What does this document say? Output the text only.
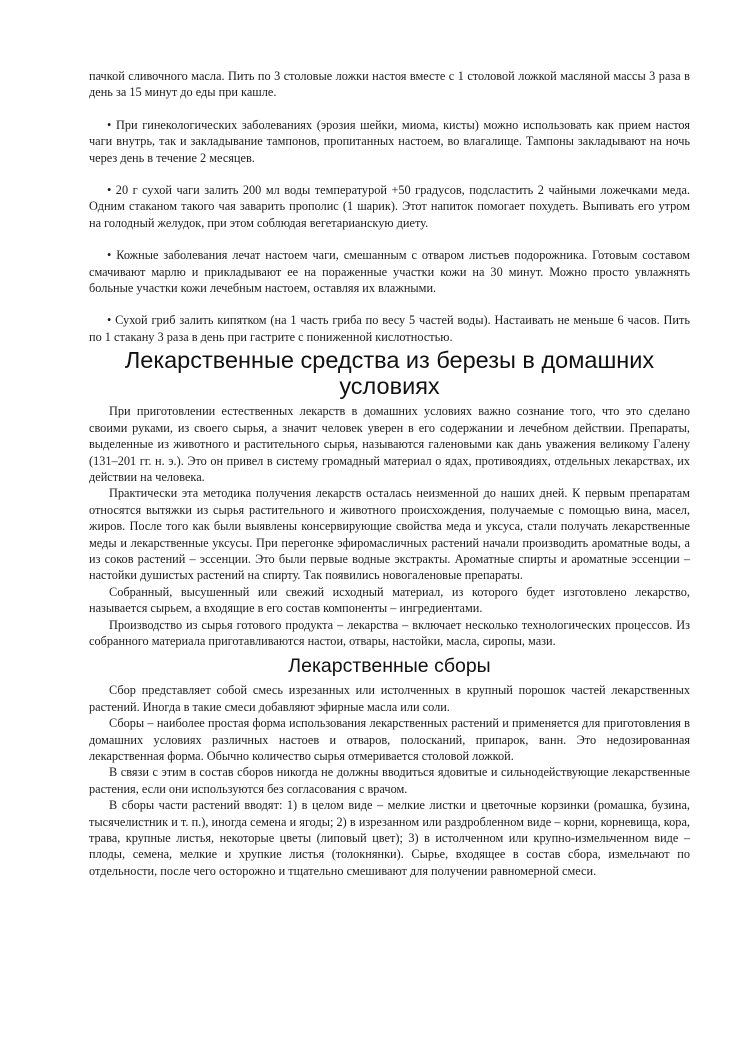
пачкой сливочного масла. Пить по 3 столовые ложки настоя вместе с 1 столовой ложкой масляной массы 3 раза в день за 15 минут до еды при кашле.

• При гинекологических заболеваниях (эрозия шейки, миома, кисты) можно использовать как прием настоя чаги внутрь, так и закладывание тампонов, пропитанных настоем, во влагалище. Тампоны закладывают на ночь через день в течение 2 месяцев.

• 20 г сухой чаги залить 200 мл воды температурой +50 градусов, подсластить 2 чайными ложечками меда. Одним стаканом такого чая заварить прополис (1 шарик). Этот напиток помогает похудеть. Выпивать его утром на голодный желудок, при этом соблюдая вегетарианскую диету.

• Кожные заболевания лечат настоем чаги, смешанным с отваром листьев подорожника. Готовым составом смачивают марлю и прикладывают ее на пораженные участки кожи на 30 минут. Можно просто увлажнять больные участки кожи лечебным настоем, оставляя их влажными.

• Сухой гриб залить кипятком (на 1 часть гриба по весу 5 частей воды). Настаивать не меньше 6 часов. Пить по 1 стакану 3 раза в день при гастрите с пониженной кислотностью.

Лекарственные средства из березы в домашних условиях

При приготовлении естественных лекарств в домашних условиях важно сознание того, что это сделано своими руками, из своего сырья, а значит человек уверен в его содержании и лечебном действии. Препараты, выделенные из животного и растительного сырья, называются галеновыми как дань уважения великому Галену (131–201 гг. н. э.). Это он привел в систему громадный материал о ядах, противоядиях, отдельных лекарствах, их действии на человека.

Практически эта методика получения лекарств осталась неизменной до наших дней. К первым препаратам относятся вытяжки из сырья растительного и животного происхождения, получаемые с помощью вина, масел, жиров. После того как были выявлены консервирующие свойства меда и уксуса, стали получать лекарственные меды и лекарственные уксусы. При перегонке эфиромасличных растений начали производить ароматные воды, а из соков растений – эссенции. Это были первые водные экстракты. Ароматные спирты и ароматные эссенции – настойки душистых растений на спирту. Так появились новогаленовые препараты.

Собранный, высушенный или свежий исходный материал, из которого будет изготовлено лекарство, называется сырьем, а входящие в его состав компоненты – ингредиентами.

Производство из сырья готового продукта – лекарства – включает несколько технологических процессов. Из собранного материала приготавливаются настои, отвары, настойки, масла, сиропы, мази.

Лекарственные сборы

Сбор представляет собой смесь изрезанных или истолченных в крупный порошок частей лекарственных растений. Иногда в такие смеси добавляют эфирные масла или соли.

Сборы – наиболее простая форма использования лекарственных растений и применяется для приготовления в домашних условиях различных настоев и отваров, полосканий, припарок, ванн. Это недозированная лекарственная форма. Обычно количество сырья отмеривается столовой ложкой.

В связи с этим в состав сборов никогда не должны вводиться ядовитые и сильнодействующие лекарственные растения, если они используются без согласования с врачом.

В сборы части растений вводят: 1) в целом виде – мелкие листки и цветочные корзинки (ромашка, бузина, тысячелистник и т. п.), иногда семена и ягоды; 2) в изрезанном или раздробленном виде – корни, корневища, кора, трава, крупные листья, некоторые цветы (липовый цвет); 3) в истолченном или крупно-измельченном виде – плоды, семена, мелкие и хрупкие листья (толокнянки). Сырье, входящее в состав сбора, измельчают по отдельности, после чего осторожно и тщательно смешивают для получении равномерной смеси.
